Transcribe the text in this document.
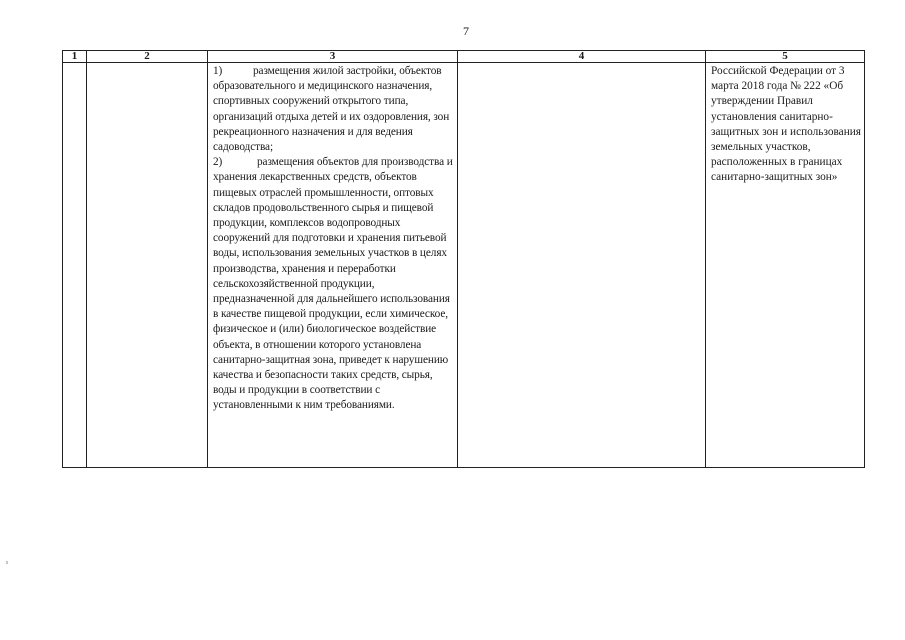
7
1	2	3	4	5

		1) размещения жилой застройки, объектов образовательного и медицинского назначения, спортивных сооружений открытого типа, организаций отдыха детей и их оздоровления, зон рекреационного назначения и для ведения садоводства;

2) размещения объектов для производства и хранения лекарственных средств, объектов пищевых отраслей промышленности, оптовых складов продовольственного сырья и пищевой продукции, комплексов водопроводных сооружений для подготовки и хранения питьевой воды, использования земельных участков в целях производства, хранения и переработки сельскохозяйственной продукции, предназначенной для дальнейшего использования в качестве пищевой продукции, если химическое, физическое и (или) биологическое воздействие объекта, в отношении которого установлена санитарно-защитная зона, приведет к нарушению качества и безопасности таких средств, сырья, воды и продукции в соответствии с установленными к ним требованиями.		Российской Федерации от 3 марта 2018 года № 222 «Об утверждении Правил установления санитарно-защитных зон и использования земельных участков, расположенных в границах санитарно-защитных зон»
≈
